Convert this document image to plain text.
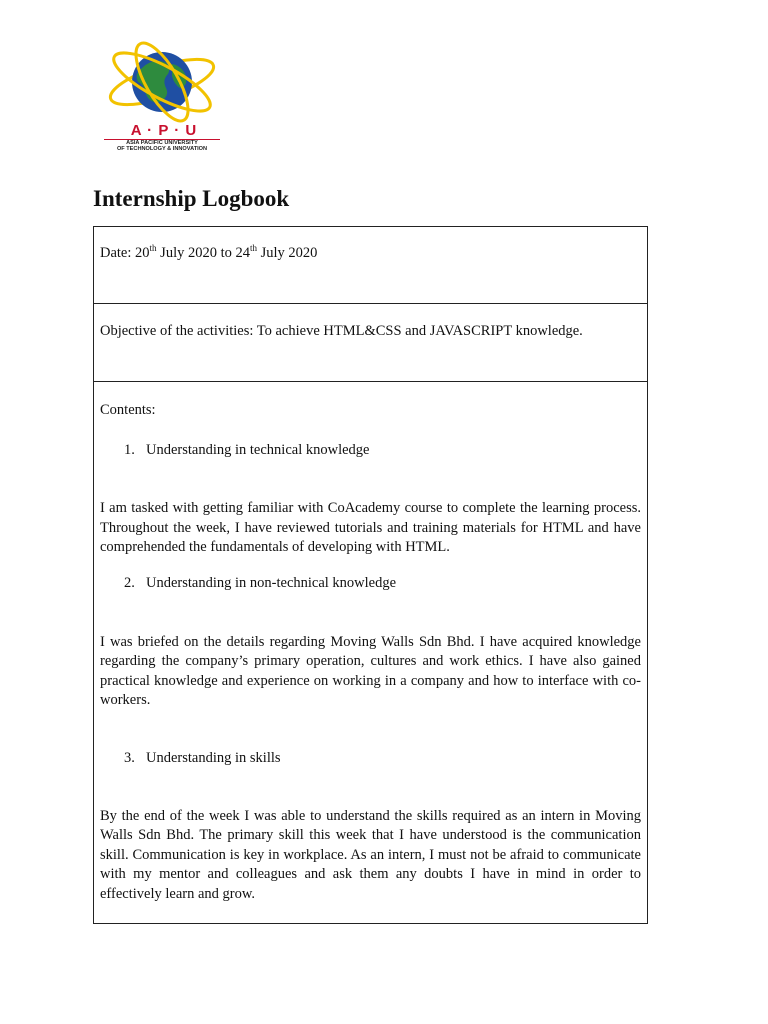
A · P · U
ASIA PACIFIC UNIVERSITY
OF TECHNOLOGY & INNOVATION
Internship Logbook
Date: 20th July 2020 to 24th July 2020
Objective of the activities: To achieve HTML&CSS and JAVASCRIPT knowledge.
Contents:
1. Understanding in technical knowledge

I am tasked with getting familiar with CoAcademy course to complete the learning process. Throughout the week, I have reviewed tutorials and training materials for HTML and have comprehended the fundamentals of developing with HTML.

2. Understanding in non-technical knowledge

I was briefed on the details regarding Moving Walls Sdn Bhd. I have acquired knowledge regarding the company’s primary operation, cultures and work ethics. I have also gained practical knowledge and experience on working in a company and how to interface with co-workers.

3. Understanding in skills

By the end of the week I was able to understand the skills required as an intern in Moving Walls Sdn Bhd. The primary skill this week that I have understood is the communication skill. Communication is key in workplace. As an intern, I must not be afraid to communicate with my mentor and colleagues and ask them any doubts I have in mind in order to effectively learn and grow.
